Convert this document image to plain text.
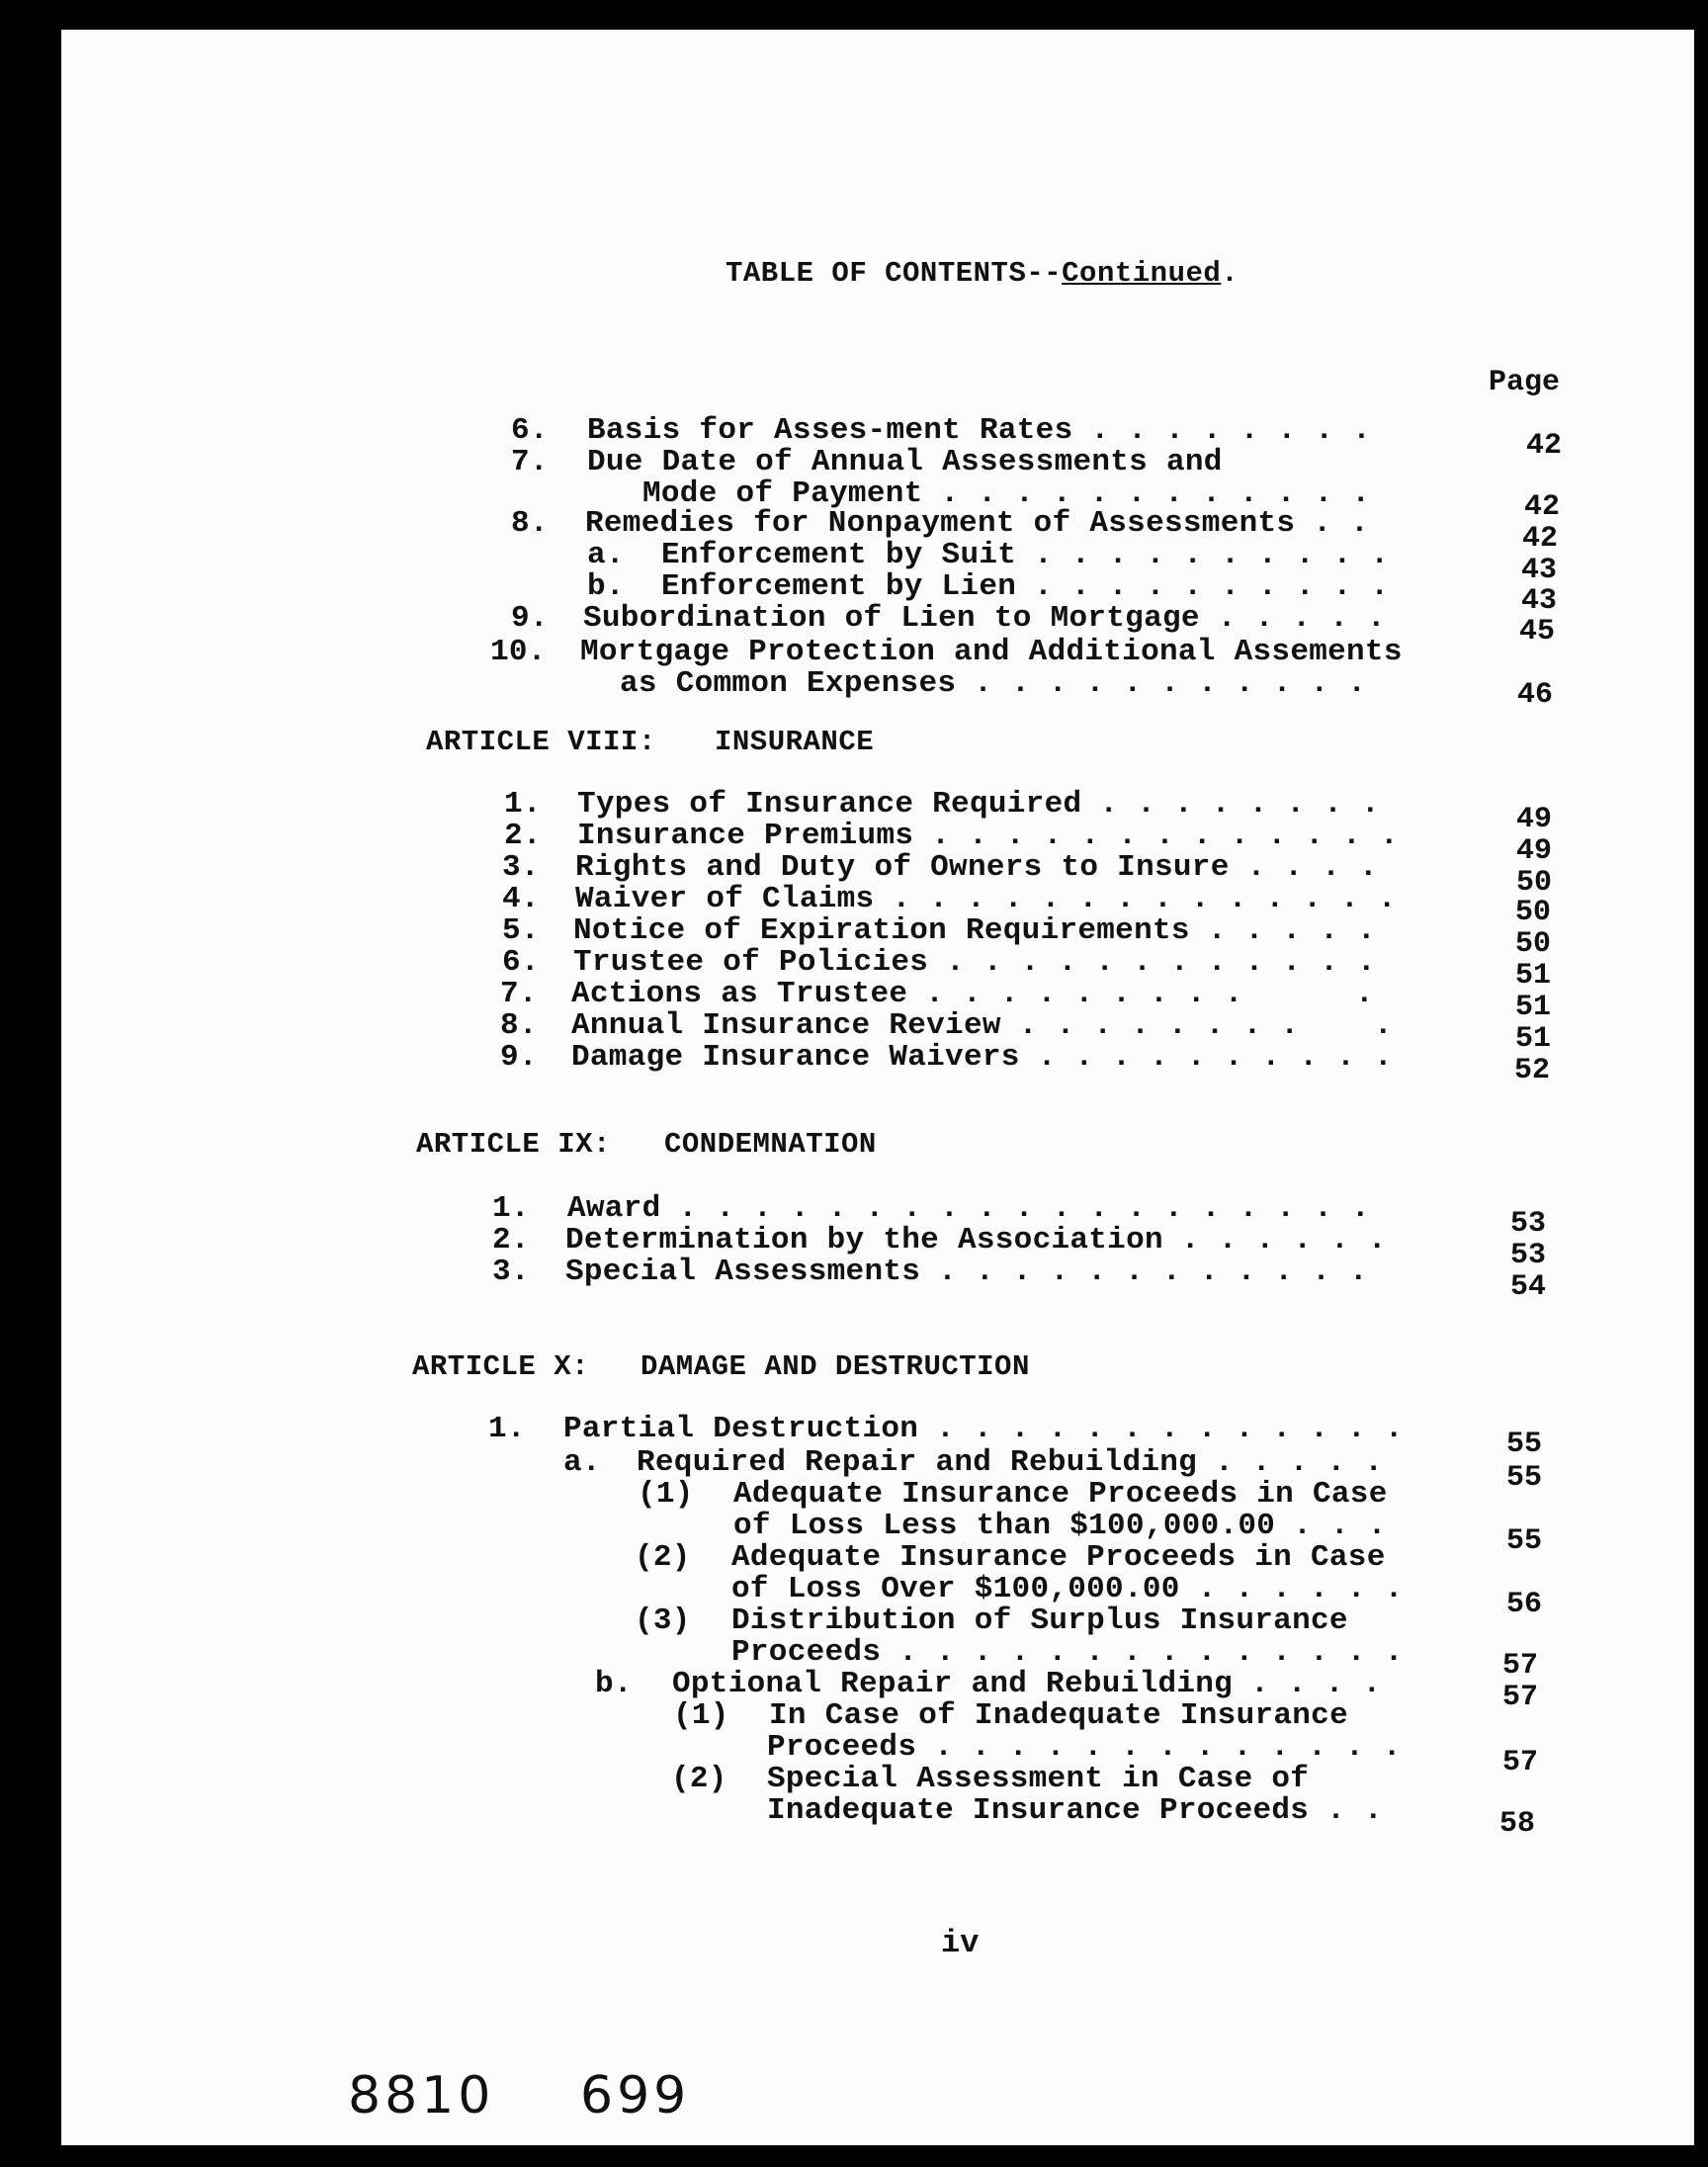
TABLE OF CONTENTS--Continued.
Page
6. Basis for Asses-ment Rates . . . . . . . .	42
7. Due Date of Annual Assessments and
Mode of Payment . . . . . . . . . . . .	42
8. Remedies for Nonpayment of Assessments . .	42
a. Enforcement by Suit . . . . . . . . . .	43
b. Enforcement by Lien . . . . . . . . . .	43
9. Subordination of Lien to Mortgage . . . . .	45
10. Mortgage Protection and Additional Assements
as Common Expenses . . . . . . . . . . .	46
ARTICLE VIII: INSURANCE
1. Types of Insurance Required . . . . . . . .	49
2. Insurance Premiums . . . . . . . . . . . . .	49
3. Rights and Duty of Owners to Insure . . . .	50
4. Waiver of Claims . . . . . . . . . . . . . .	50
5. Notice of Expiration Requirements . . . . .	50
6. Trustee of Policies . . . . . . . . . . . .	51
7. Actions as Trustee . . . . . . . . .      .	51
8. Annual Insurance Review . . . . . . . .    .	51
9. Damage Insurance Waivers . . . . . . . . . .	52
ARTICLE IX: CONDEMNATION
1. Award . . . . . . . . . . . . . . . . . . .	53
2. Determination by the Association . . . . . .	53
3. Special Assessments . . . . . . . . . . . .	54
ARTICLE X: DAMAGE AND DESTRUCTION
1. Partial Destruction . . . . . . . . . . . . .	55
a. Required Repair and Rebuilding . . . . .	55
(1) Adequate Insurance Proceeds in Case
of Loss Less than $100,000.00 . . .	55
(2) Adequate Insurance Proceeds in Case
of Loss Over $100,000.00 . . . . . .	56
(3) Distribution of Surplus Insurance
Proceeds . . . . . . . . . . . . . .	57
b. Optional Repair and Rebuilding . . . .	57
(1) In Case of Inadequate Insurance
Proceeds . . . . . . . . . . . . .	57
(2) Special Assessment in Case of
Inadequate Insurance Proceeds . .	58
iv
8810 699
